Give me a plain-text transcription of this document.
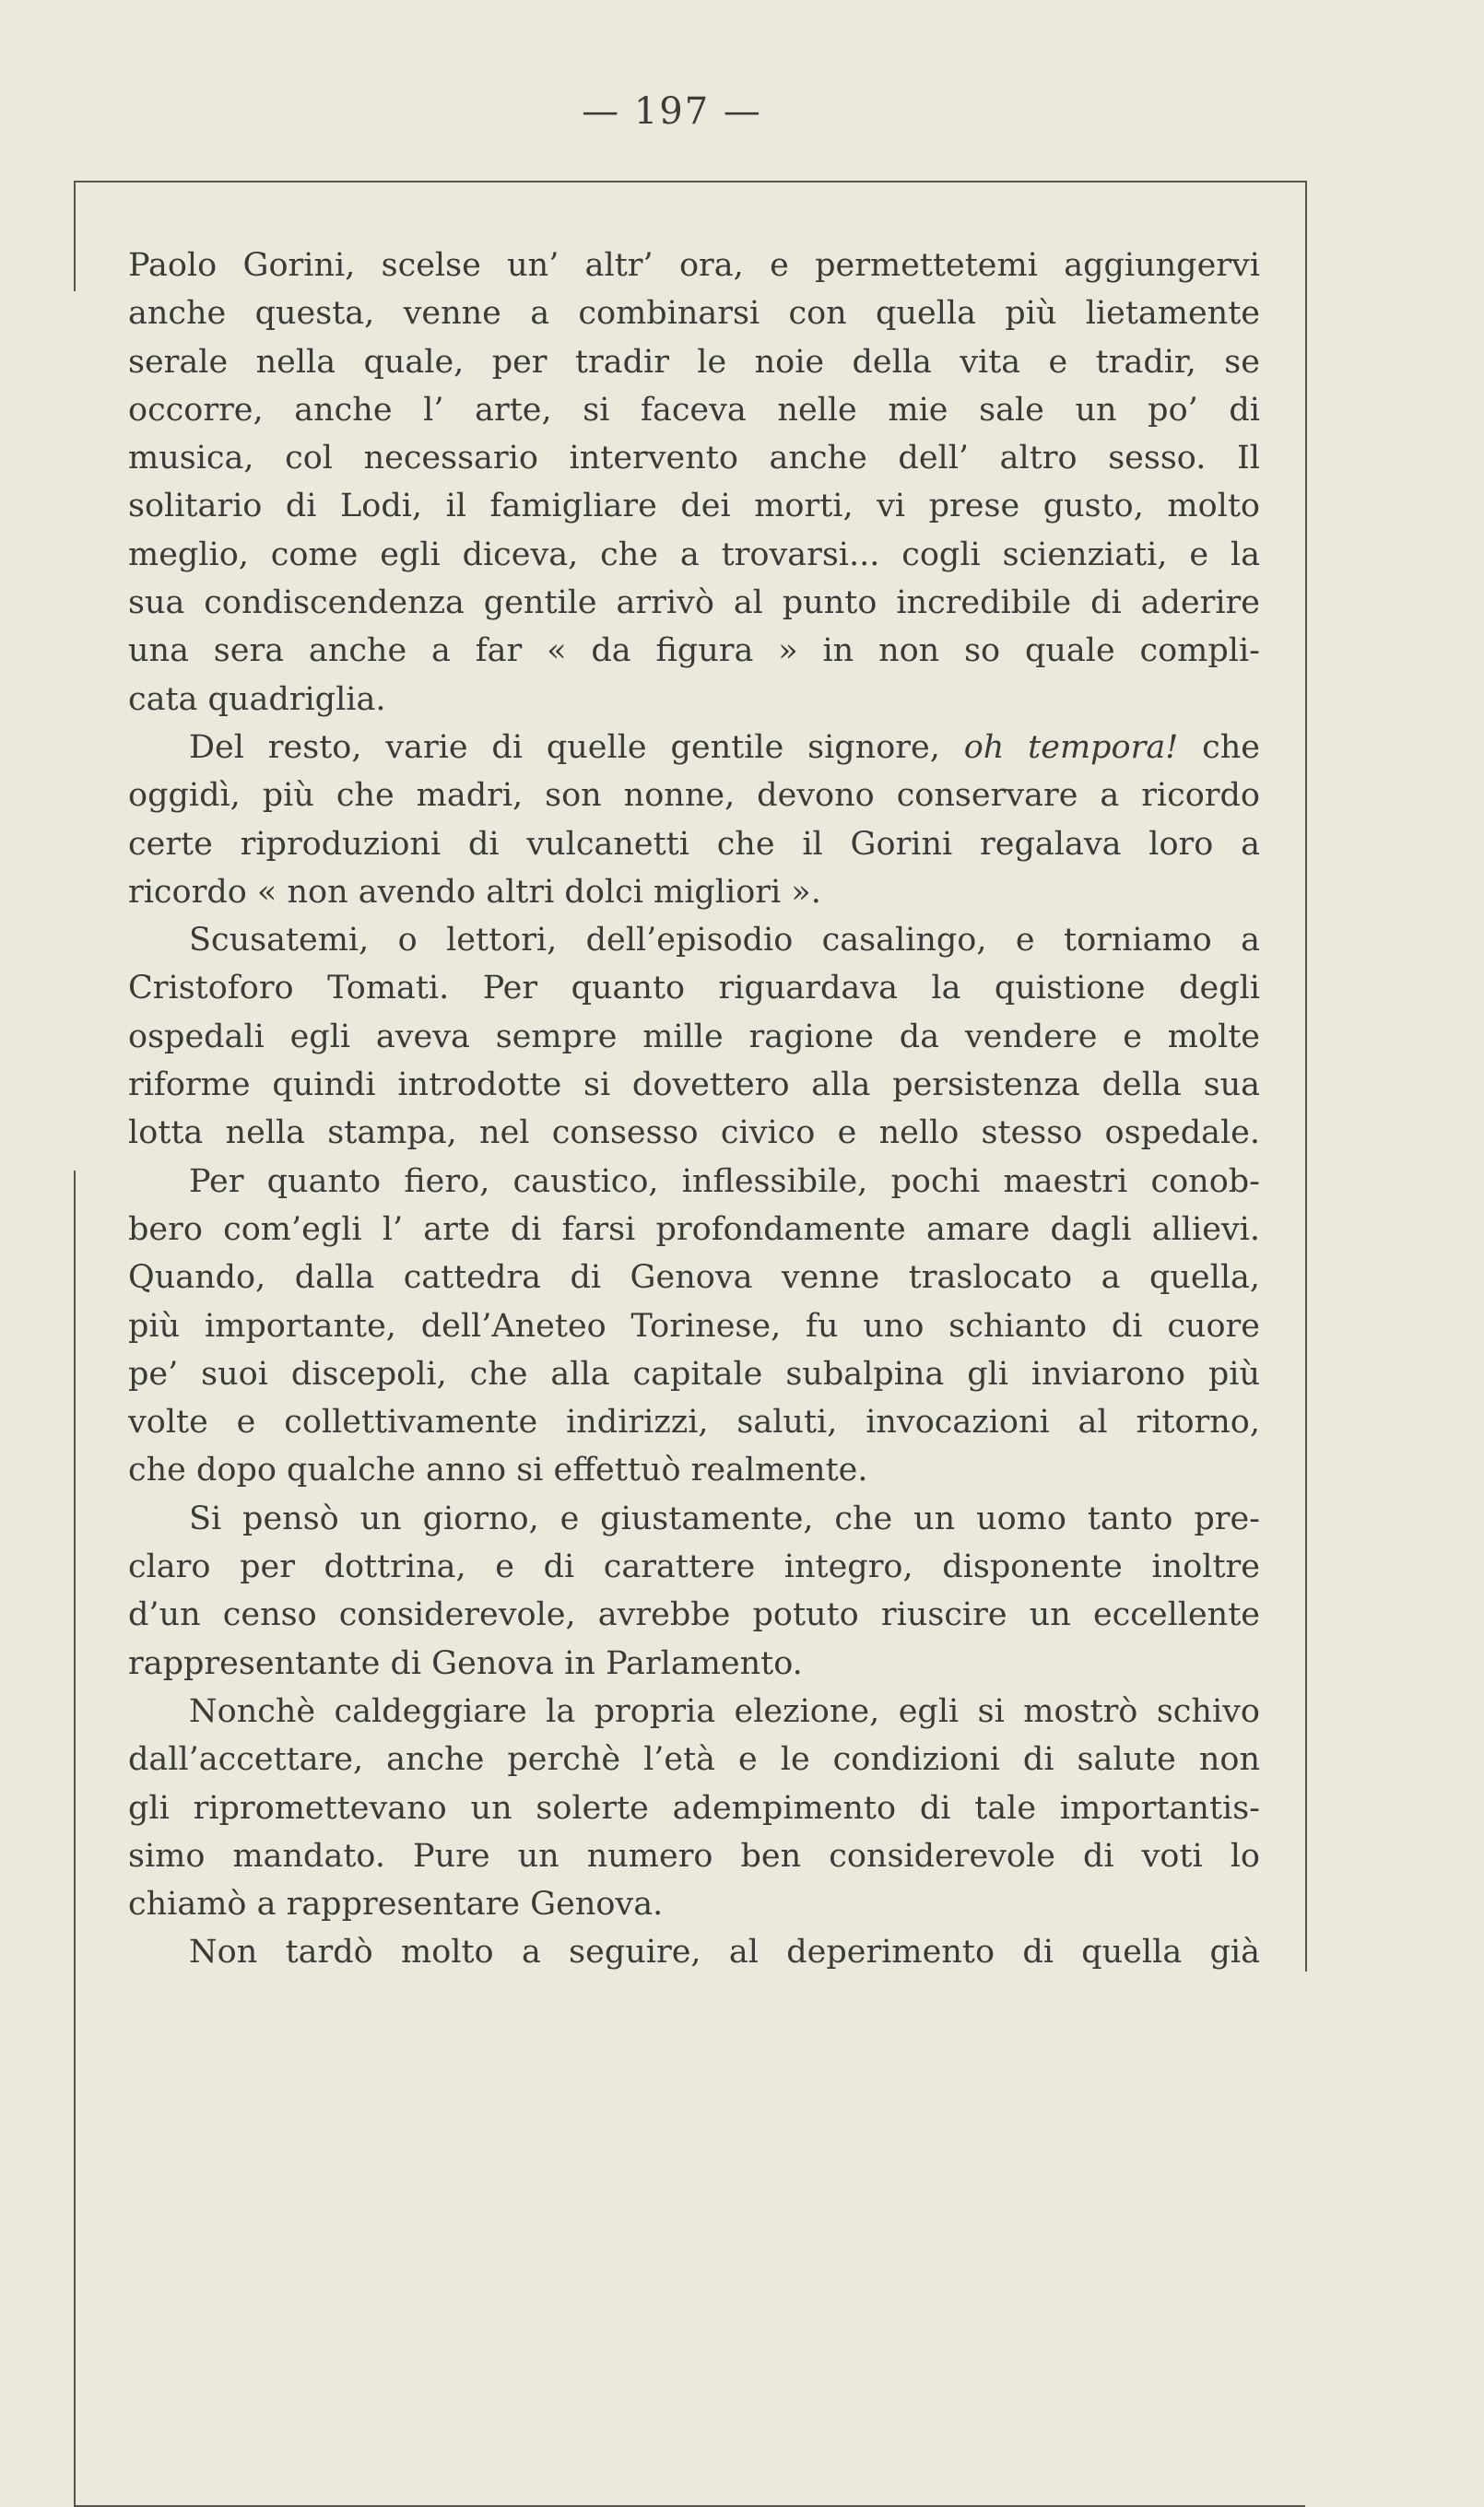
— 197 —
Paolo Gorini, scelse un’ altr’ ora, e permettetemi aggiungervi
anche questa, venne a combinarsi con quella più lietamente
serale nella quale, per tradir le noie della vita e tradir, se
occorre, anche l’ arte, si faceva nelle mie sale un po’ di
musica, col necessario intervento anche dell’ altro sesso. Il
solitario di Lodi, il famigliare dei morti, vi prese gusto, molto
meglio, come egli diceva, che a trovarsi... cogli scienziati, e la
sua condiscendenza gentile arrivò al punto incredibile di aderire
una sera anche a far « da figura » in non so quale compli-
cata quadriglia.
Del resto, varie di quelle gentile signore, oh tempora! che
oggidì, più che madri, son nonne, devono conservare a ricordo
certe riproduzioni di vulcanetti che il Gorini regalava loro a
ricordo « non avendo altri dolci migliori ».
Scusatemi, o lettori, dell’episodio casalingo, e torniamo a
Cristoforo Tomati. Per quanto riguardava la quistione degli
ospedali egli aveva sempre mille ragione da vendere e molte
riforme quindi introdotte si dovettero alla persistenza della sua
lotta nella stampa, nel consesso civico e nello stesso ospedale.
Per quanto fiero, caustico, inflessibile, pochi maestri conob-
bero com’egli l’ arte di farsi profondamente amare dagli allievi.
Quando, dalla cattedra di Genova venne traslocato a quella,
più importante, dell’Aneteo Torinese, fu uno schianto di cuore
pe’ suoi discepoli, che alla capitale subalpina gli inviarono più
volte e collettivamente indirizzi, saluti, invocazioni al ritorno,
che dopo qualche anno si effettuò realmente.
Si pensò un giorno, e giustamente, che un uomo tanto pre-
claro per dottrina, e di carattere integro, disponente inoltre
d’un censo considerevole, avrebbe potuto riuscire un eccellente
rappresentante di Genova in Parlamento.
Nonchè caldeggiare la propria elezione, egli si mostrò schivo
dall’accettare, anche perchè l’età e le condizioni di salute non
gli ripromettevano un solerte adempimento di tale importantis-
simo mandato. Pure un numero ben considerevole di voti lo
chiamò a rappresentare Genova.
Non tardò molto a seguire, al deperimento di quella già
